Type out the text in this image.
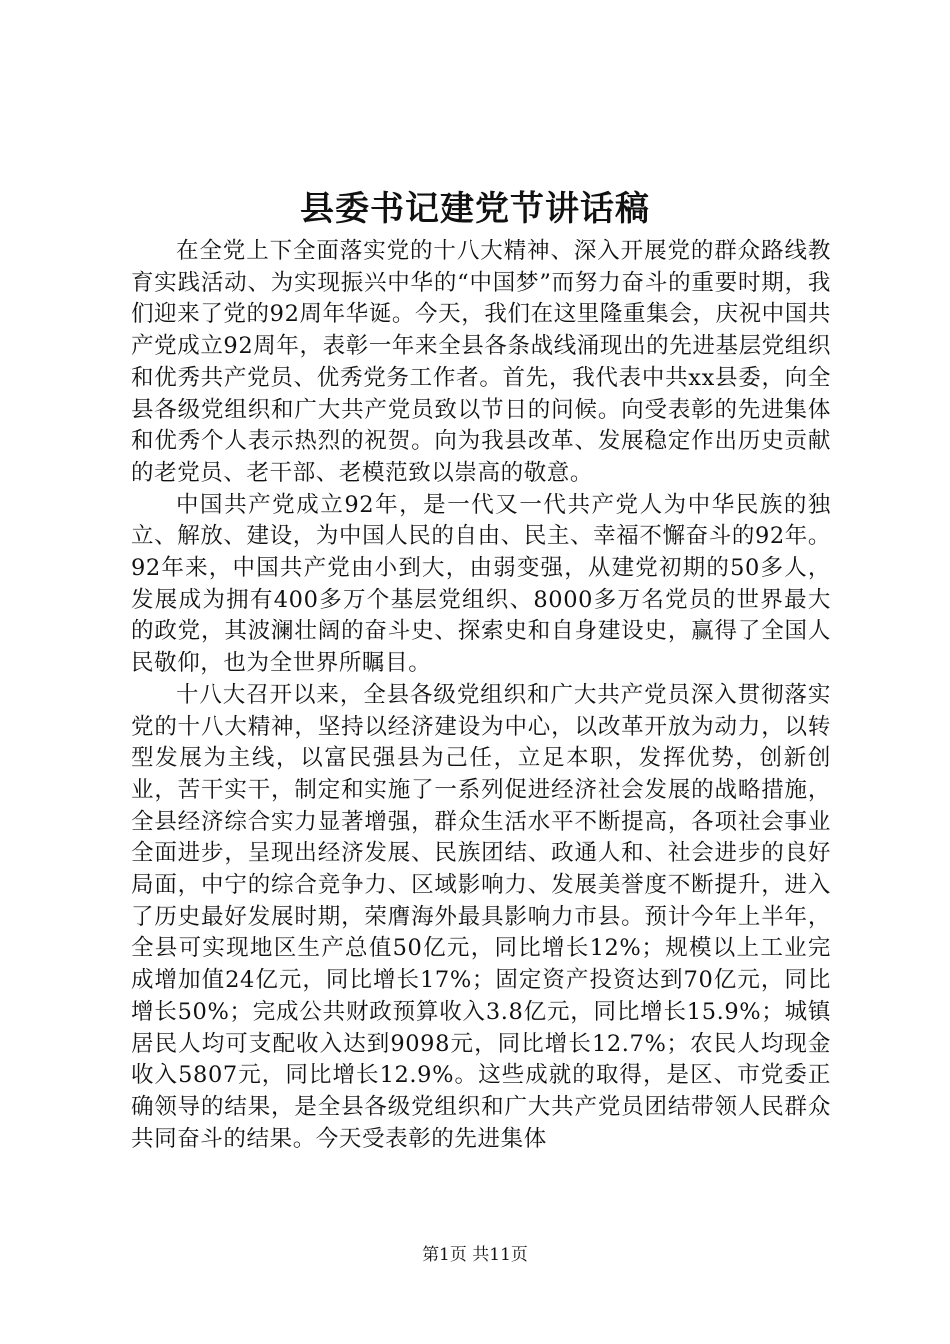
县委书记建党节讲话稿

在全党上下全面落实党的十八大精神、深入开展党的群众路线教育实践活动、为实现振兴中华的“中国梦”而努力奋斗的重要时期，我们迎来了党的92周年华诞。今天，我们在这里隆重集会，庆祝中国共产党成立92周年，表彰一年来全县各条战线涌现出的先进基层党组织和优秀共产党员、优秀党务工作者。首先，我代表中共xx县委，向全县各级党组织和广大共产党员致以节日的问候。向受表彰的先进集体和优秀个人表示热烈的祝贺。向为我县改革、发展稳定作出历史贡献的老党员、老干部、老模范致以崇高的敬意。

中国共产党成立92年，是一代又一代共产党人为中华民族的独立、解放、建设，为中国人民的自由、民主、幸福不懈奋斗的92年。92年来，中国共产党由小到大，由弱变强，从建党初期的50多人，发展成为拥有400多万个基层党组织、8000多万名党员的世界最大的政党，其波澜壮阔的奋斗史、探索史和自身建设史，赢得了全国人民敬仰，也为全世界所瞩目。

十八大召开以来，全县各级党组织和广大共产党员深入贯彻落实党的十八大精神，坚持以经济建设为中心，以改革开放为动力，以转型发展为主线，以富民强县为己任，立足本职，发挥优势，创新创业，苦干实干，制定和实施了一系列促进经济社会发展的战略措施，全县经济综合实力显著增强，群众生活水平不断提高，各项社会事业全面进步，呈现出经济发展、民族团结、政通人和、社会进步的良好局面，中宁的综合竞争力、区域影响力、发展美誉度不断提升，进入了历史最好发展时期，荣膺海外最具影响力市县。预计今年上半年，全县可实现地区生产总值50亿元，同比增长12%；规模以上工业完成增加值24亿元，同比增长17%；固定资产投资达到70亿元，同比增长50%；完成公共财政预算收入3.8亿元，同比增长15.9%；城镇居民人均可支配收入达到9098元，同比增长12.7%；农民人均现金收入5807元，同比增长12.9%。这些成就的取得，是区、市党委正确领导的结果，是全县各级党组织和广大共产党员团结带领人民群众共同奋斗的结果。今天受表彰的先进集体

第1页 共11页
